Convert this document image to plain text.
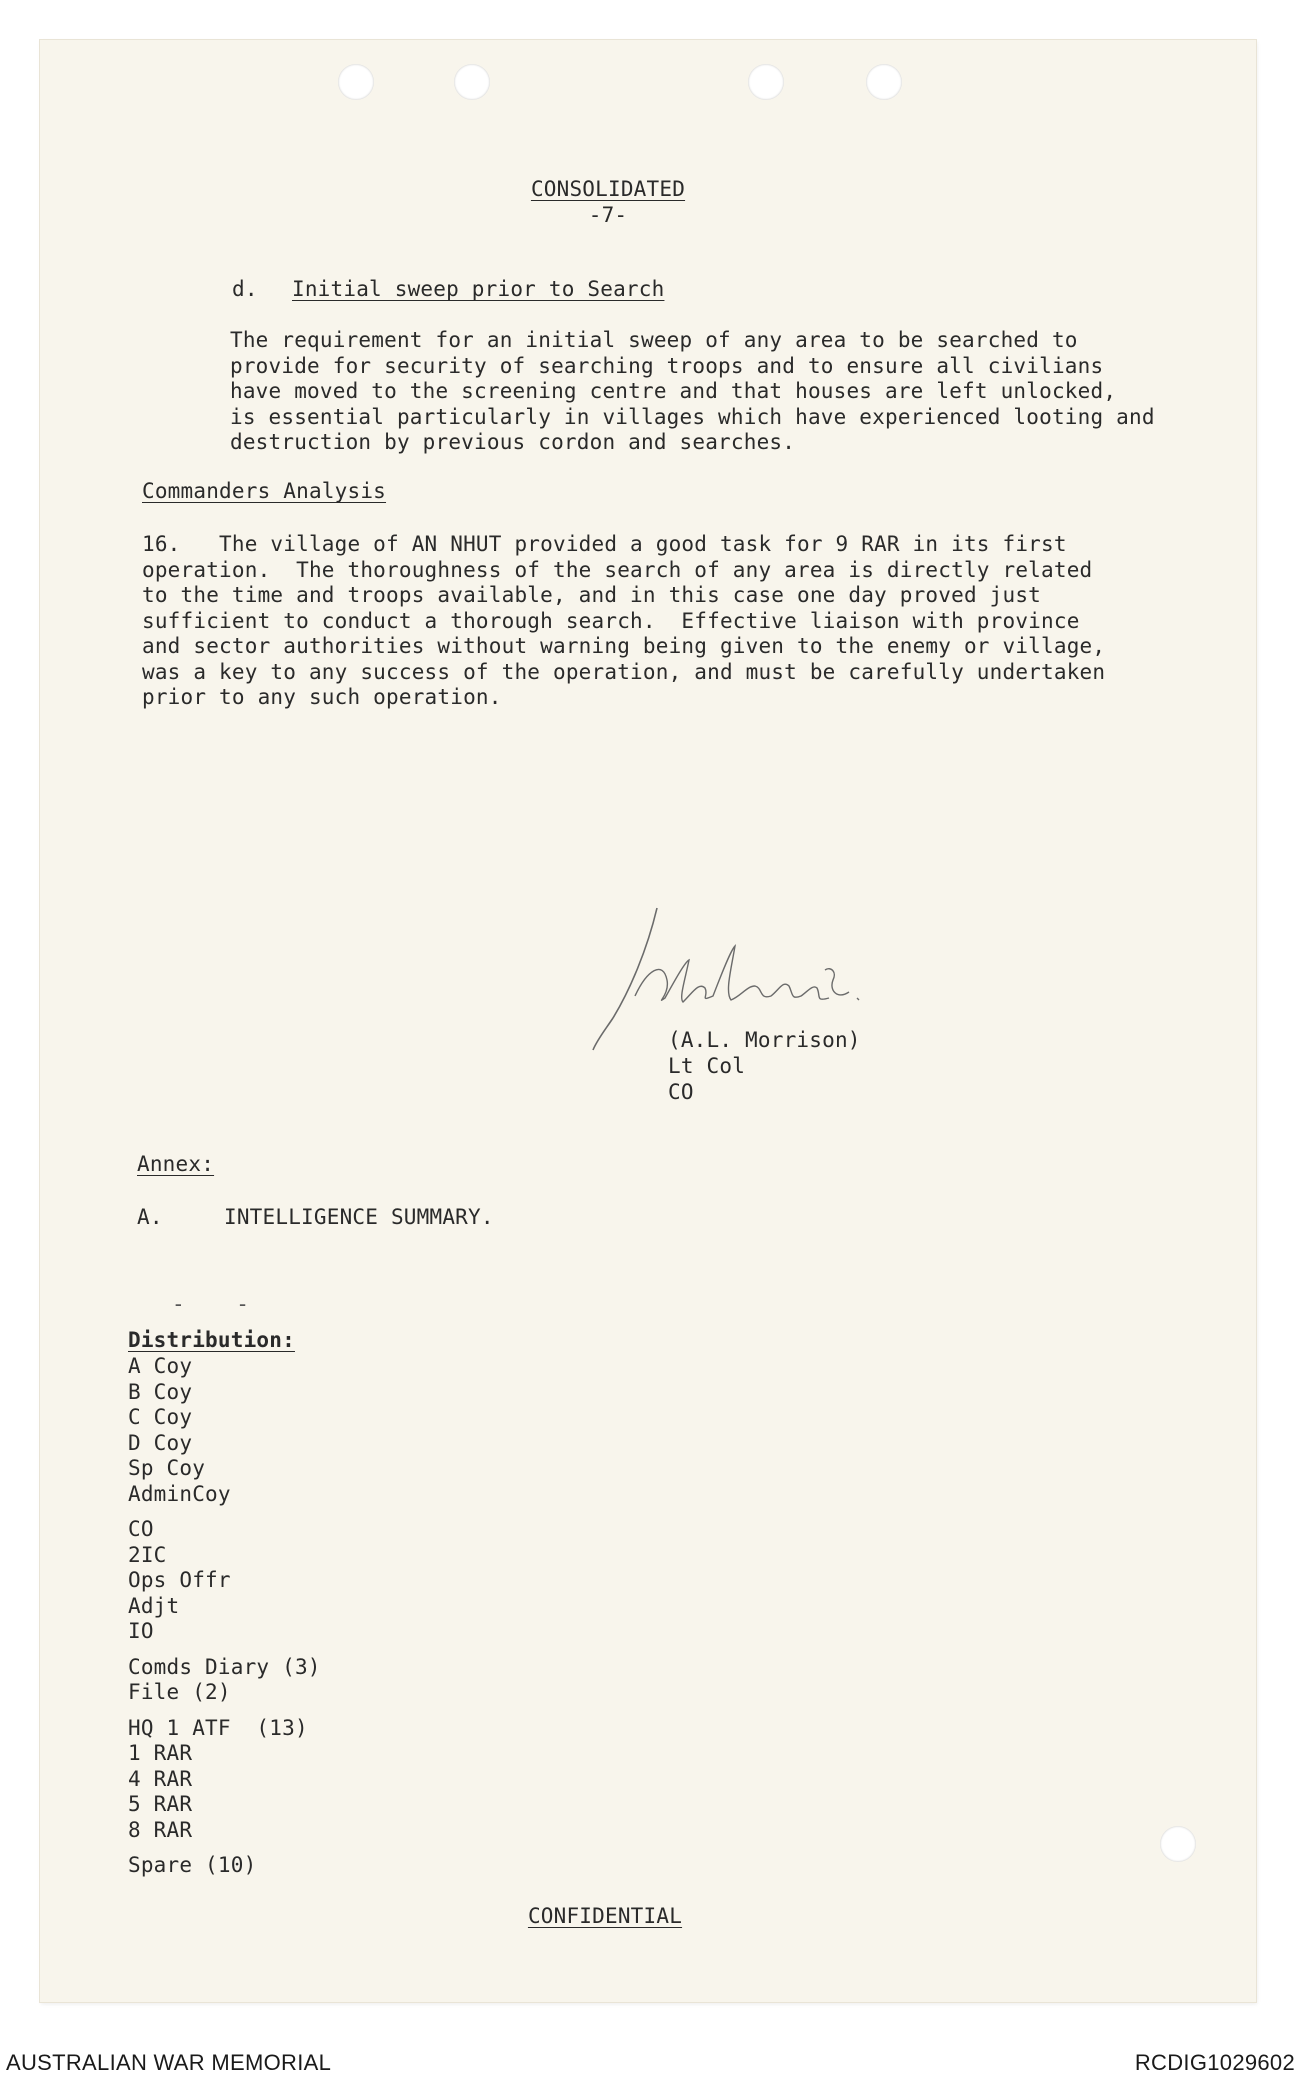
CONSOLIDATED
-7-
d. Initial sweep prior to Search
The requirement for an initial sweep of any area to be searched to
provide for security of searching troops and to ensure all civilians
have moved to the screening centre and that houses are left unlocked,
is essential particularly in villages which have experienced looting and
destruction by previous cordon and searches.
Commanders Analysis
16.   The village of AN NHUT provided a good task for 9 RAR in its first
operation.  The thoroughness of the search of any area is directly related
to the time and troops available, and in this case one day proved just
sufficient to conduct a thorough search.  Effective liaison with province
and sector authorities without warning being given to the enemy or village,
was a key to any success of the operation, and must be carefully undertaken
prior to any such operation.
(A.L. Morrison)
Lt Col
CO
Annex:
A.	INTELLIGENCE SUMMARY.
-    -
Distribution:
A Coy
B Coy
C Coy
D Coy
Sp Coy
AdminCoy
CO
2IC
Ops Offr
Adjt
IO
Comds Diary (3)
File (2)
HQ 1 ATF  (13)
1 RAR
4 RAR
5 RAR
8 RAR
Spare (10)
CONFIDENTIAL
AUSTRALIAN WAR MEMORIAL	RCDIG1029602
